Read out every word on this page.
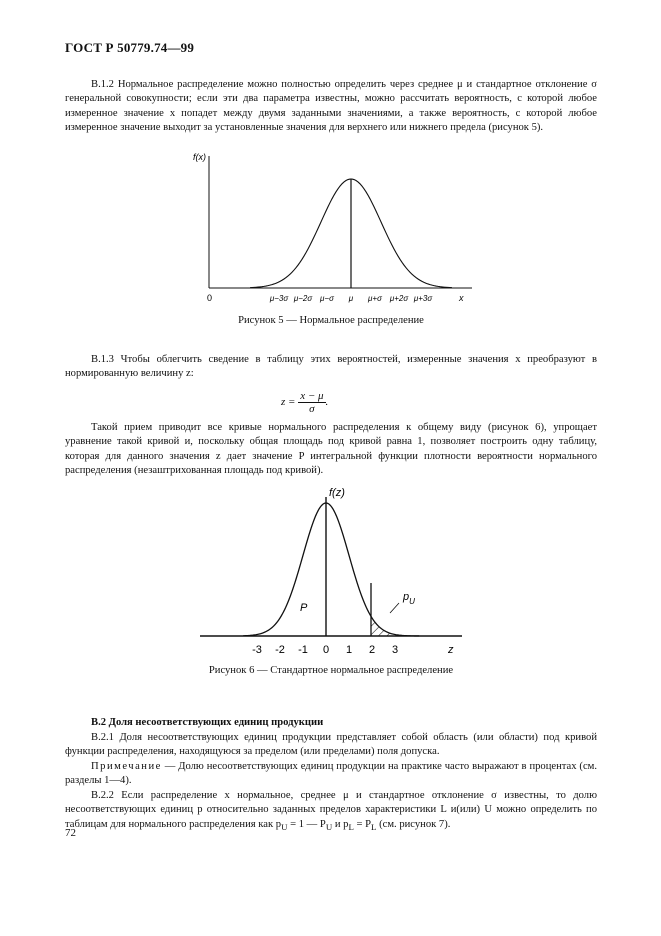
ГОСТ Р 50779.74—99
В.1.2 Нормальное распределение можно полностью определить через среднее μ и стандартное отклонение σ генеральной совокупности; если эти два параметра известны, можно рассчитать вероятность, с которой любое измеренное значение x попадет между двумя заданными значениями, а также вероятность, с которой любое измеренное значение выходит за установленные значения для верхнего или нижнего предела (рисунок 5).
f(x)
0	x
μ−3σ μ−2σ μ−σ μ μ+σ μ+2σ μ+3σ
Рисунок 5 — Нормальное распределение
В.1.3 Чтобы облегчить сведение в таблицу этих вероятностей, измеренные значения x преобразуют в нормированную величину z:
$z = \frac{x - \mu}{\sigma}$ .
Такой прием приводит все кривые нормального распределения к общему виду (рисунок 6), упрощает уравнение такой кривой и, поскольку общая площадь под кривой равна 1, позволяет построить одну таблицу, которая для данного значения z дает значение P интегральной функции плотности вероятности нормального распределения (незаштрихованная площадь под кривой).
f(z)
z
P
$p_U$
-3 -2 -1 0 1 2 3
Рисунок 6 — Стандартное нормальное распределение
В.2 Доля несоответствующих единиц продукции
В.2.1 Доля несоответствующих единиц продукции представляет собой область (или области) под кривой функции распределения, находящуюся за пределом (или пределами) поля допуска.
Примечание — Долю несоответствующих единиц продукции на практике часто выражают в процентах (см. разделы 1—4).
В.2.2 Если распределение x нормальное, среднее μ и стандартное отклонение σ известны, то долю несоответствующих единиц p относительно заданных пределов характеристики L и(или) U можно определить по таблицам для нормального распределения как $p_U = 1$ — $P_U$ и $p_L = P_L$ (см. рисунок 7).
72
